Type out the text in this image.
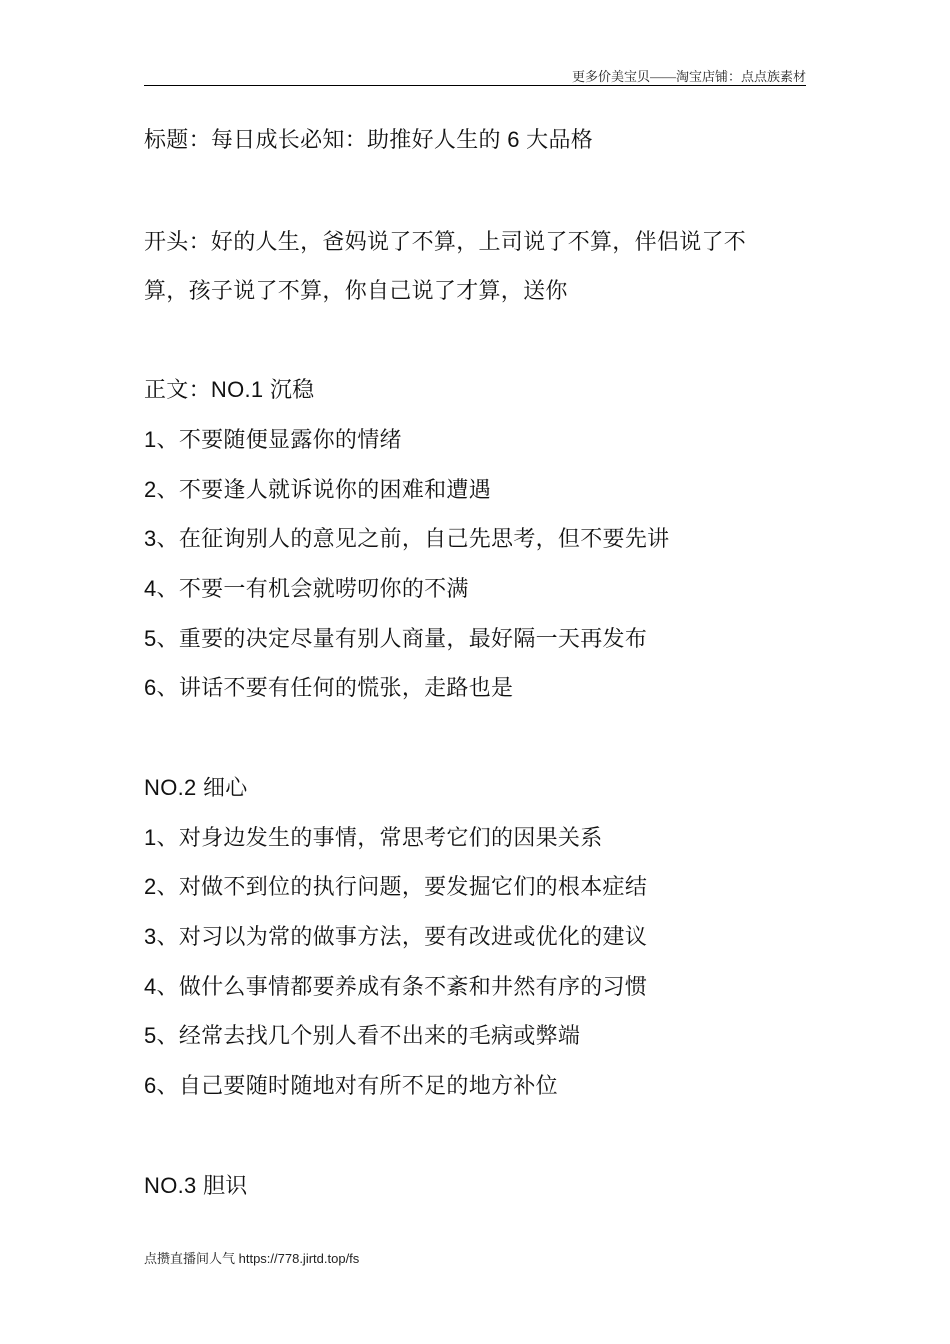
更多价美宝贝——淘宝店铺：点点族素材
标题：每日成长必知：助推好人生的 6 大品格
开头：好的人生，爸妈说了不算，上司说了不算，伴侣说了不
算，孩子说了不算，你自己说了才算，送你
正文：NO.1 沉稳
1、不要随便显露你的情绪
2、不要逢人就诉说你的困难和遭遇
3、在征询别人的意见之前，自己先思考，但不要先讲
4、不要一有机会就唠叨你的不满
5、重要的决定尽量有别人商量，最好隔一天再发布
6、讲话不要有任何的慌张，走路也是
NO.2 细心
1、对身边发生的事情，常思考它们的因果关系
2、对做不到位的执行问题，要发掘它们的根本症结
3、对习以为常的做事方法，要有改进或优化的建议
4、做什么事情都要养成有条不紊和井然有序的习惯
5、经常去找几个别人看不出来的毛病或弊端
6、自己要随时随地对有所不足的地方补位
NO.3 胆识
点攒直播间人气 https://778.jirtd.top/fs
